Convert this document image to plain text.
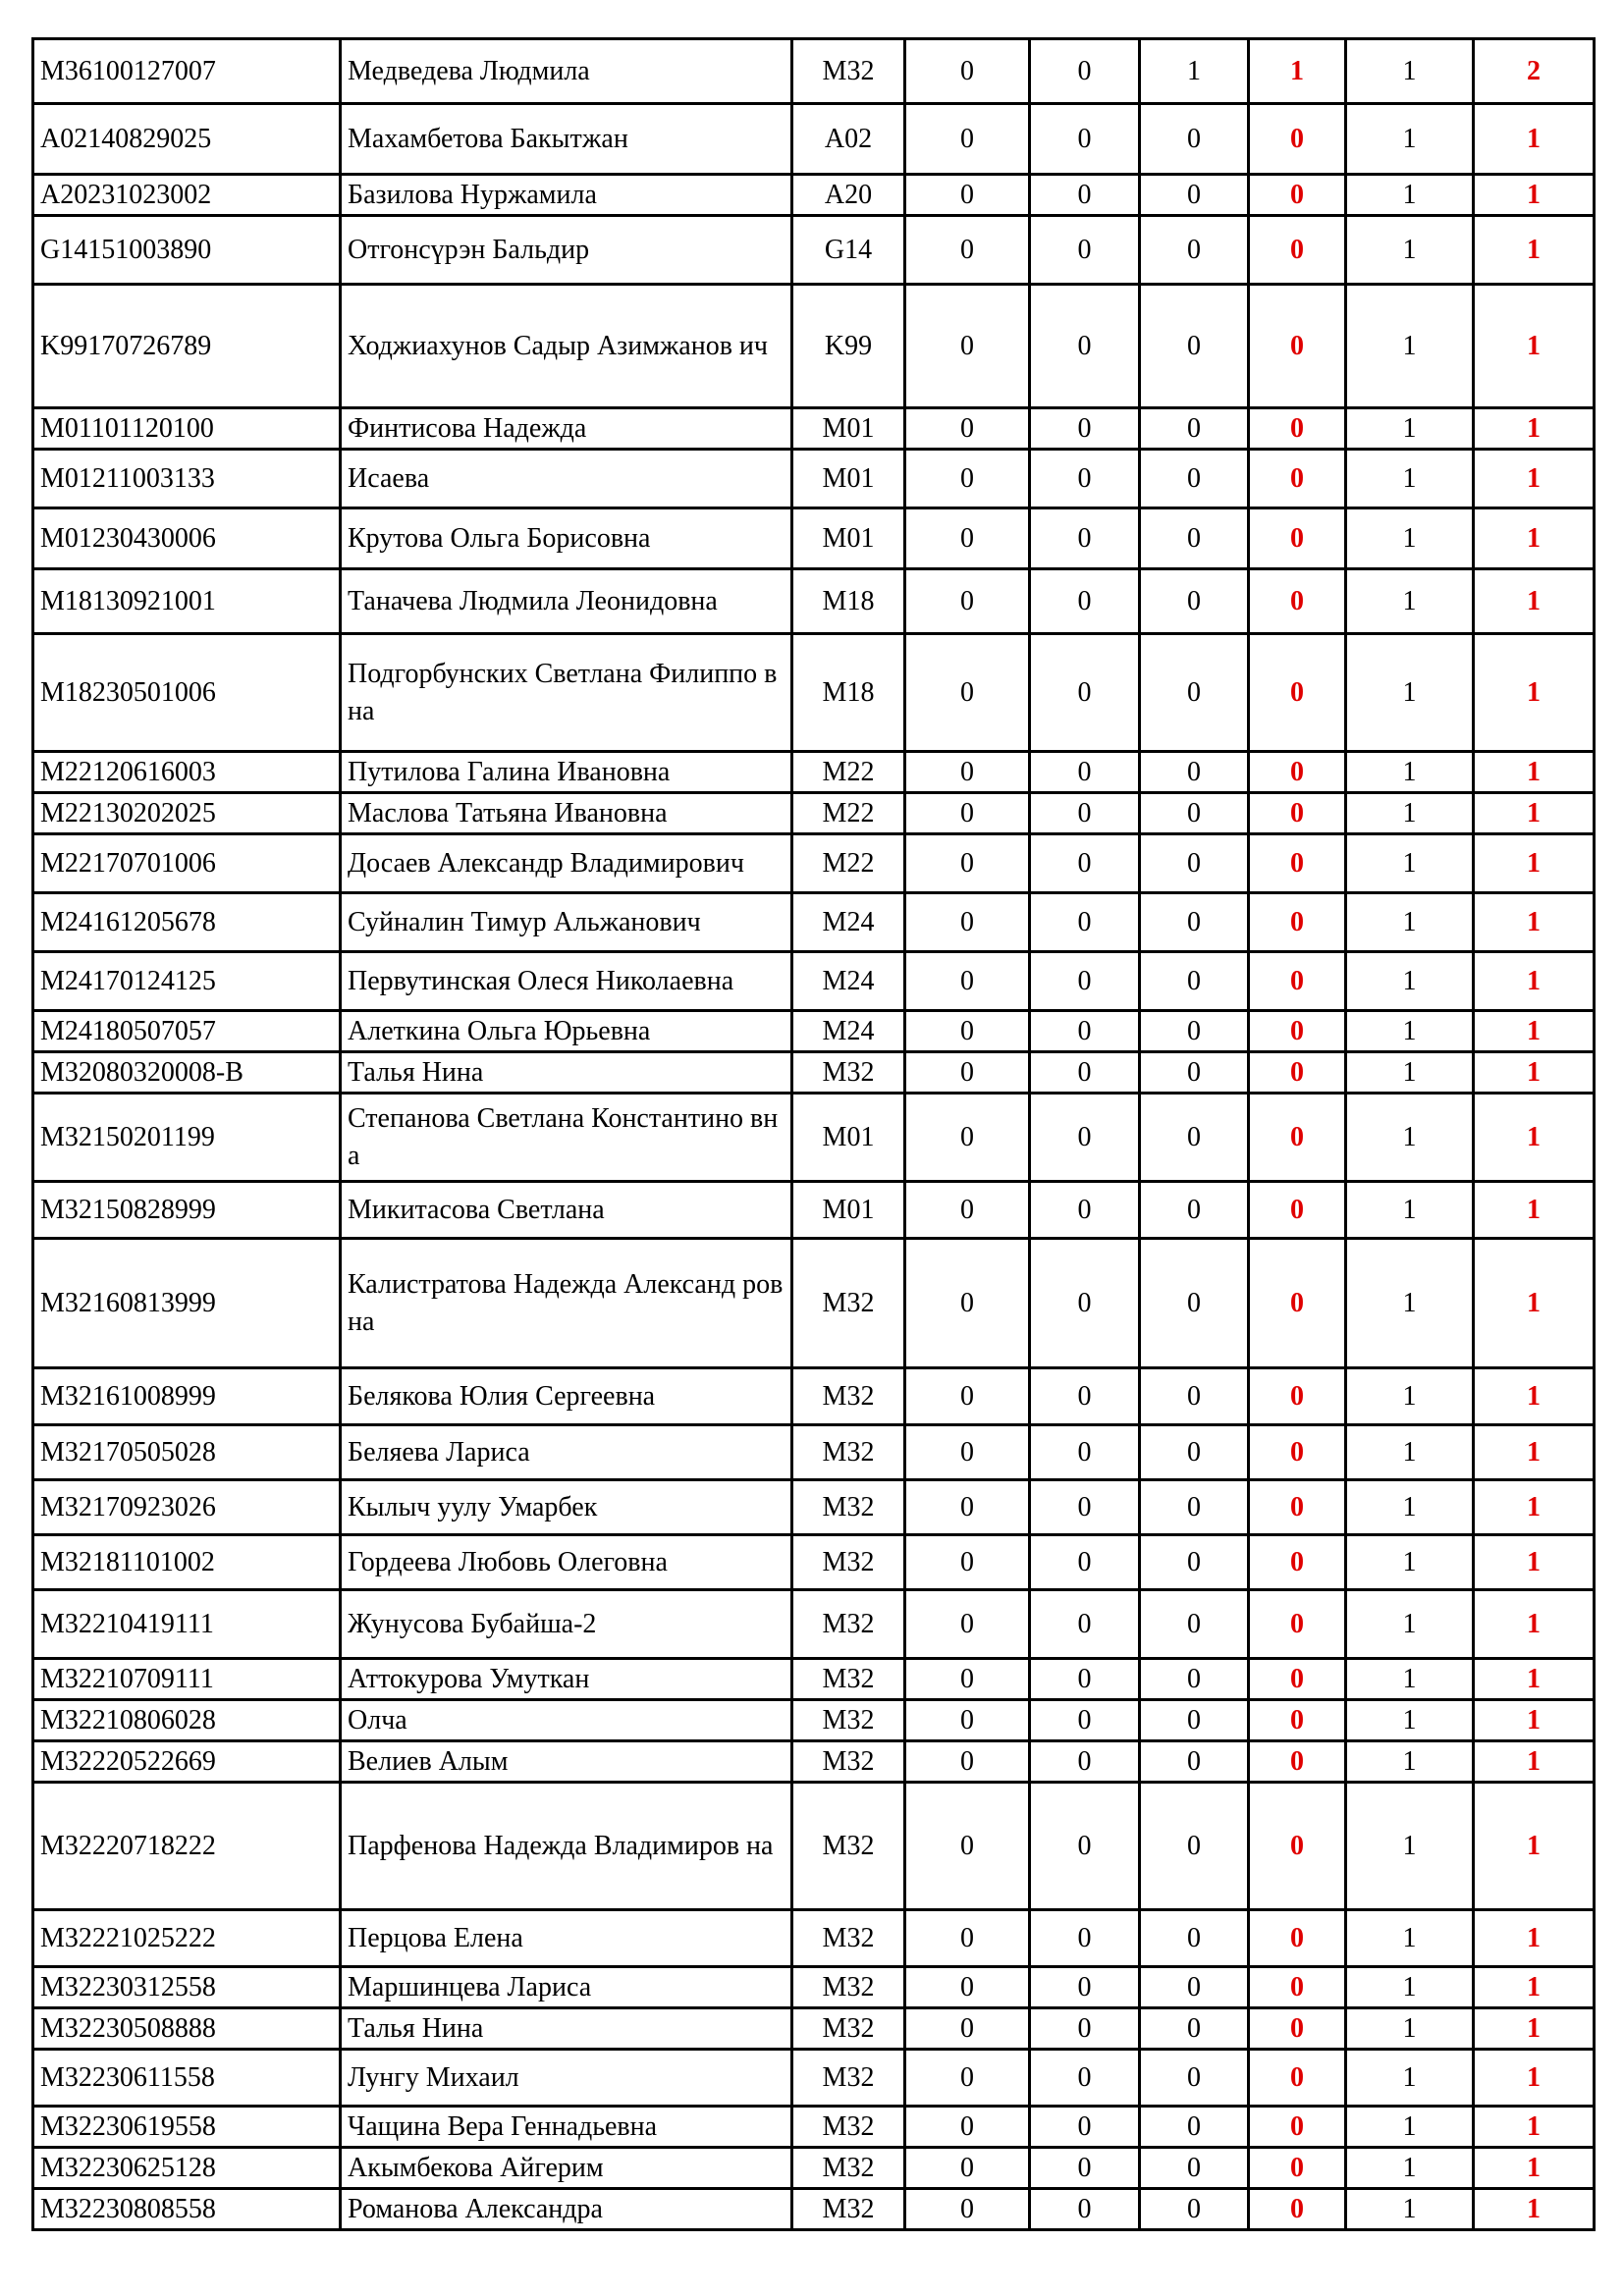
M36100127007	Медведева Людмила	M32	0	0	1	1	1	2
A02140829025	Махамбетова Бакытжан	A02	0	0	0	0	1	1
A20231023002	Базилова Нуржамила	A20	0	0	0	0	1	1
G14151003890	Отгонсүрэн Бальдир	G14	0	0	0	0	1	1
K99170726789	Ходжиахунов Садыр Азимжанов ич	K99	0	0	0	0	1	1
M01101120100	Финтисова Надежда	M01	0	0	0	0	1	1
M01211003133	Исаева	M01	0	0	0	0	1	1
M01230430006	Крутова Ольга Борисовна	M01	0	0	0	0	1	1
M18130921001	Таначева Людмила Леонидовна	M18	0	0	0	0	1	1
M18230501006	Подгорбунских Светлана Филиппо вна	M18	0	0	0	0	1	1
M22120616003	Путилова Галина Ивановна	M22	0	0	0	0	1	1
M22130202025	Маслова Татьяна Ивановна	M22	0	0	0	0	1	1
M22170701006	Досаев Александр Владимирович	M22	0	0	0	0	1	1
M24161205678	Суйналин Тимур Альжанович	M24	0	0	0	0	1	1
M24170124125	Первутинская Олеся Николаевна	M24	0	0	0	0	1	1
M24180507057	Алеткина Ольга Юрьевна	M24	0	0	0	0	1	1
M32080320008-B	Талья Нина	M32	0	0	0	0	1	1
M32150201199	Степанова Светлана Константино вна	M01	0	0	0	0	1	1
M32150828999	Микитасова Светлана	M01	0	0	0	0	1	1
M32160813999	Калистратова Надежда Александ ровна	M32	0	0	0	0	1	1
M32161008999	Белякова Юлия Сергеевна	M32	0	0	0	0	1	1
M32170505028	Беляева Лариса	M32	0	0	0	0	1	1
M32170923026	Кылыч уулу Умарбек	M32	0	0	0	0	1	1
M32181101002	Гордеева Любовь Олеговна	M32	0	0	0	0	1	1
M32210419111	Жунусова Бубайша-2	M32	0	0	0	0	1	1
M32210709111	Аттокурова Умуткан	M32	0	0	0	0	1	1
M32210806028	Олча	M32	0	0	0	0	1	1
M32220522669	Велиев Алым	M32	0	0	0	0	1	1
M32220718222	Парфенова Надежда Владимиров на	M32	0	0	0	0	1	1
M32221025222	Перцова Елена	M32	0	0	0	0	1	1
M32230312558	Маршинцева Лариса	M32	0	0	0	0	1	1
M32230508888	Талья Нина	M32	0	0	0	0	1	1
M32230611558	Лунгу Михаил	M32	0	0	0	0	1	1
M32230619558	Чащина Вера Геннадьевна	M32	0	0	0	0	1	1
M32230625128	Акымбекова Айгерим	M32	0	0	0	0	1	1
M32230808558	Романова Александра	M32	0	0	0	0	1	1
